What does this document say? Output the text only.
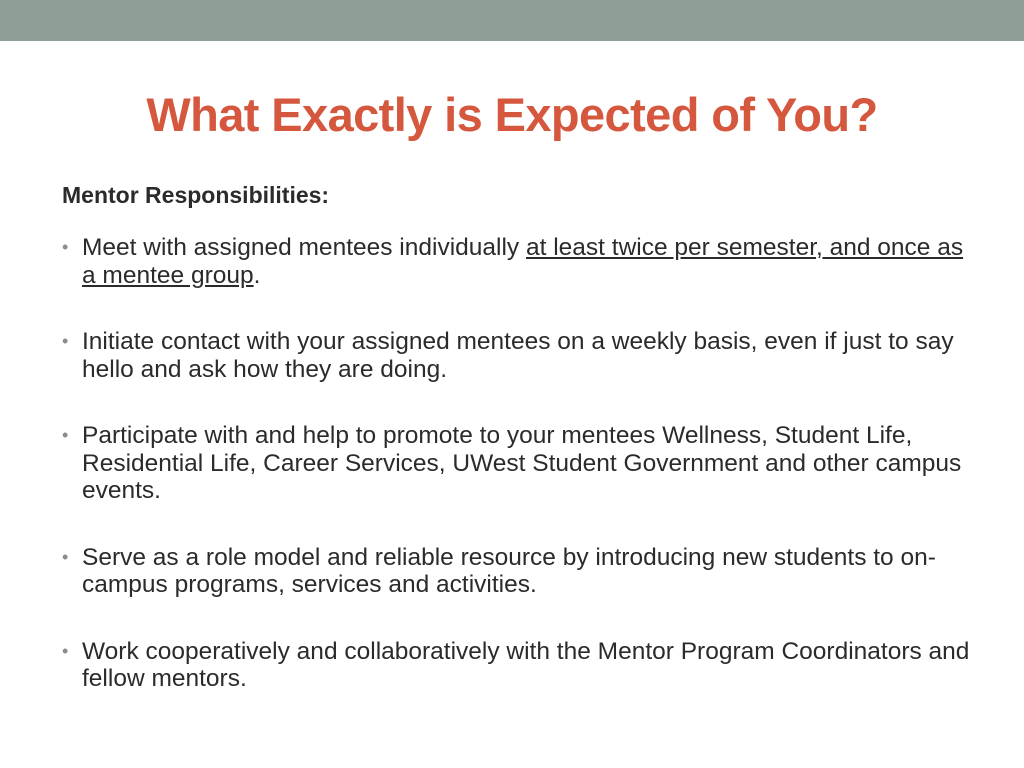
What Exactly is Expected of You?

Mentor Responsibilities:

• Meet with assigned mentees individually at least twice per semester, and once as a mentee group.
• Initiate contact with your assigned mentees on a weekly basis, even if just to say hello and ask how they are doing.
• Participate with and help to promote to your mentees Wellness, Student Life, Residential Life, Career Services, UWest Student Government and other campus events.
• Serve as a role model and reliable resource by introducing new students to on-campus programs, services and activities.
• Work cooperatively and collaboratively with the Mentor Program Coordinators and fellow mentors.
